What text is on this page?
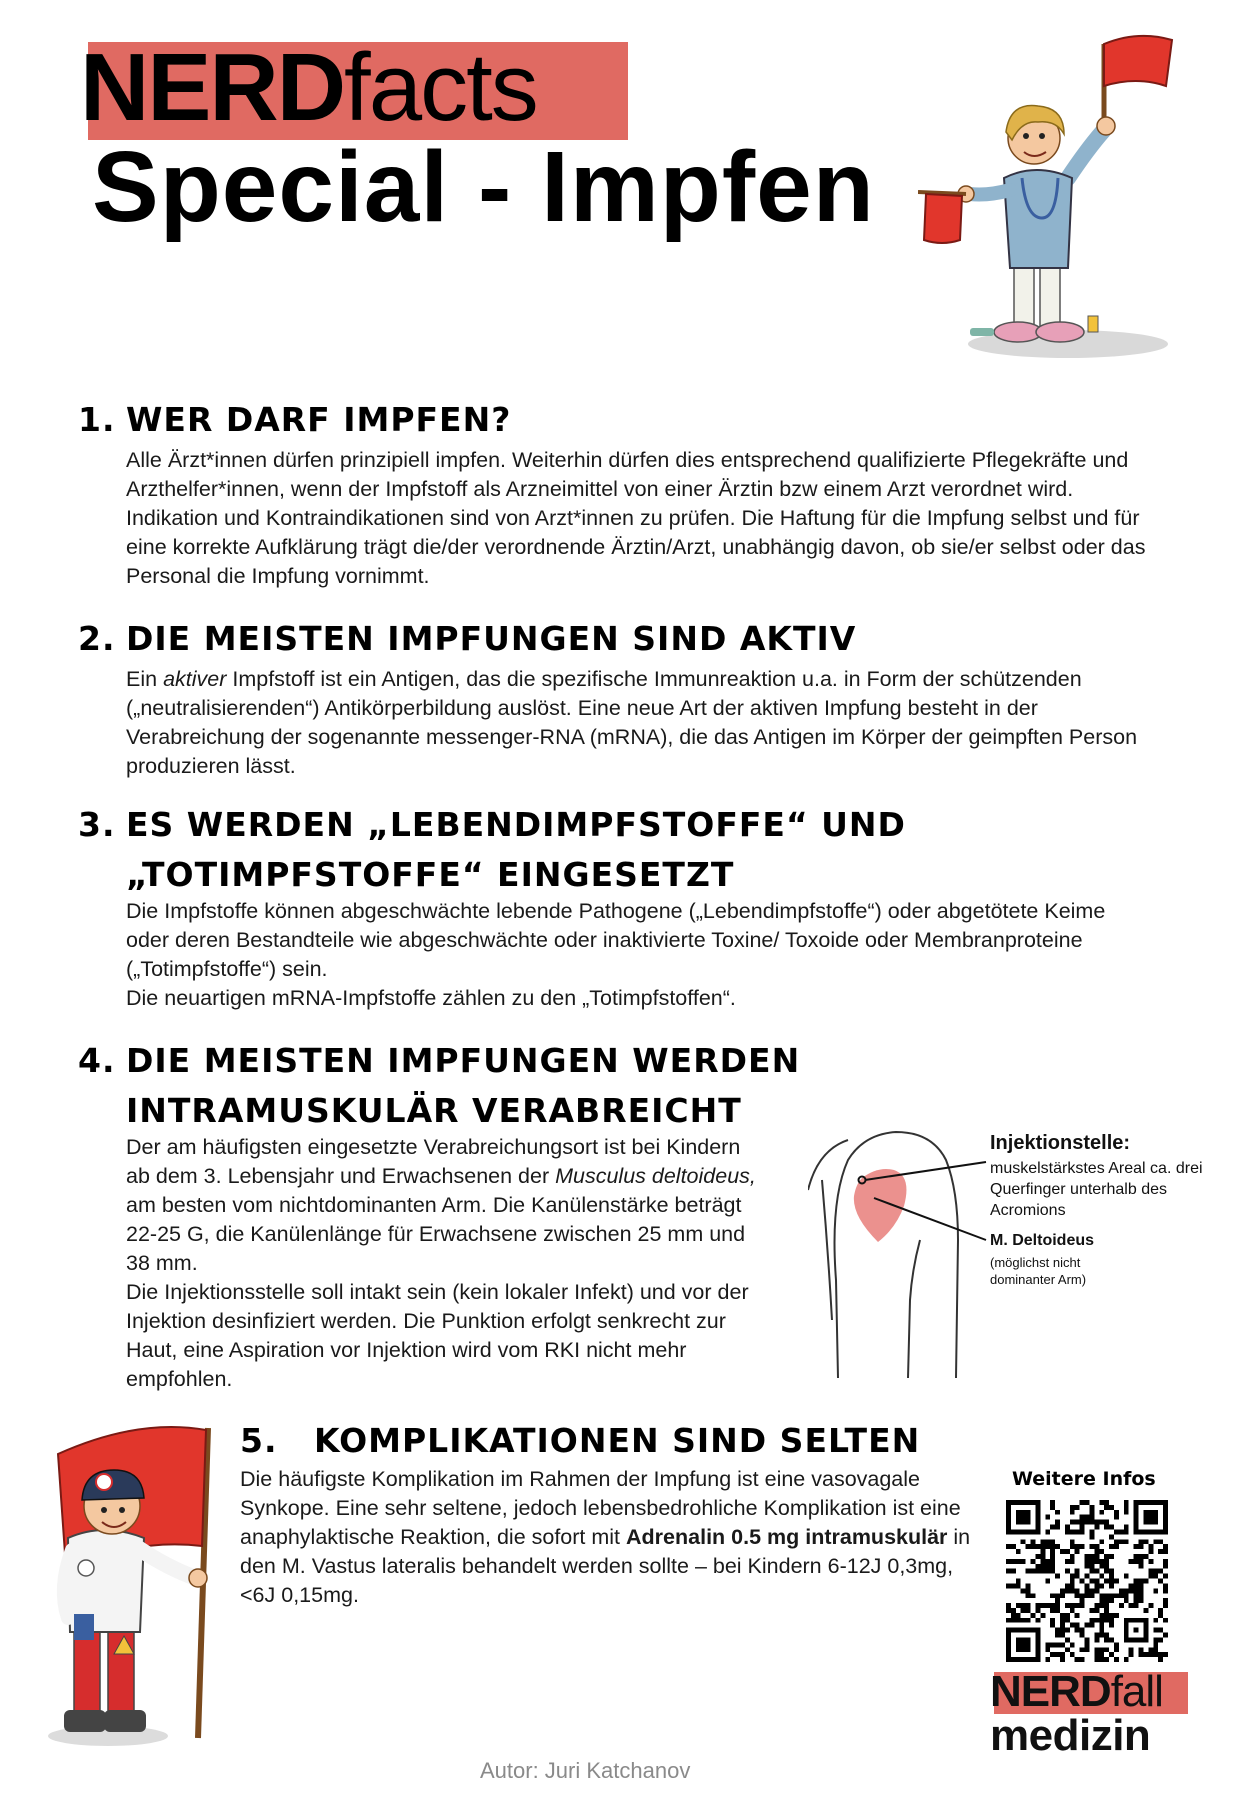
NERDfacts
Special - Impfen
1. WER DARF IMPFEN?

Alle Ärzt*innen dürfen prinzipiell impfen. Weiterhin dürfen dies entsprechend qualifizierte Pflegekräfte und Arzthelfer*innen, wenn der Impfstoff als Arzneimittel von einer Ärztin bzw einem Arzt verordnet wird. Indikation und Kontraindikationen sind von Arzt*innen zu prüfen. Die Haftung für die Impfung selbst und für eine korrekte Aufklärung trägt die/der verordnende Ärztin/Arzt, unabhängig davon, ob sie/er selbst oder das Personal die Impfung vornimmt.

2. DIE MEISTEN IMPFUNGEN SIND AKTIV

Ein aktiver Impfstoff ist ein Antigen, das die spezifische Immunreaktion u.a. in Form der schützenden („neutralisierenden“) Antikörperbildung auslöst. Eine neue Art der aktiven Impfung besteht in der Verabreichung der sogenannte messenger-RNA (mRNA), die das Antigen im Körper der geimpften Person produzieren lässt.

3. ES WERDEN „LEBENDIMPFSTOFFE“ UND
„TOTIMPFSTOFFE“ EINGESETZT

Die Impfstoffe können abgeschwächte lebende Pathogene („Lebendimpfstoffe“) oder abgetötete Keime oder deren Bestandteile wie abgeschwächte oder inaktivierte Toxine/ Toxoide oder Membranproteine („Totimpfstoffe“) sein.

Die neuartigen mRNA-Impfstoffe zählen zu den „Totimpfstoffen“.

4. DIE MEISTEN IMPFUNGEN WERDEN
INTRAMUSKULÄR VERABREICHT

Der am häufigsten eingesetzte Verabreichungsort ist bei Kindern ab dem 3. Lebensjahr und Erwachsenen der Musculus deltoideus, am besten vom nichtdominanten Arm. Die Kanülenstärke beträgt 22-25 G, die Kanülenlänge für Erwachsene zwischen 25 mm und 38 mm.

Die Injektionsstelle soll intakt sein (kein lokaler Infekt) und vor der Injektion desinfiziert werden. Die Punktion erfolgt senkrecht zur Haut, eine Aspiration vor Injektion wird vom RKI nicht mehr empfohlen.

Injektionstelle:
muskelstärkstes Areal ca. drei Querfinger unterhalb des Acromions
M. Deltoideus
(möglichst nicht dominanter Arm)
5. KOMPLIKATIONEN SIND SELTEN

Die häufigste Komplikation im Rahmen der Impfung ist eine vasovagale Synkope. Eine sehr seltene, jedoch lebensbedrohliche Komplikation ist eine anaphylaktische Reaktion, die sofort mit Adrenalin 0.5 mg intramuskulär in den M. Vastus lateralis behandelt werden sollte – bei Kindern 6-12J 0,3mg, <6J 0,15mg.

Weitere Infos
NERDfall
medizin
Autor: Juri Katchanov
